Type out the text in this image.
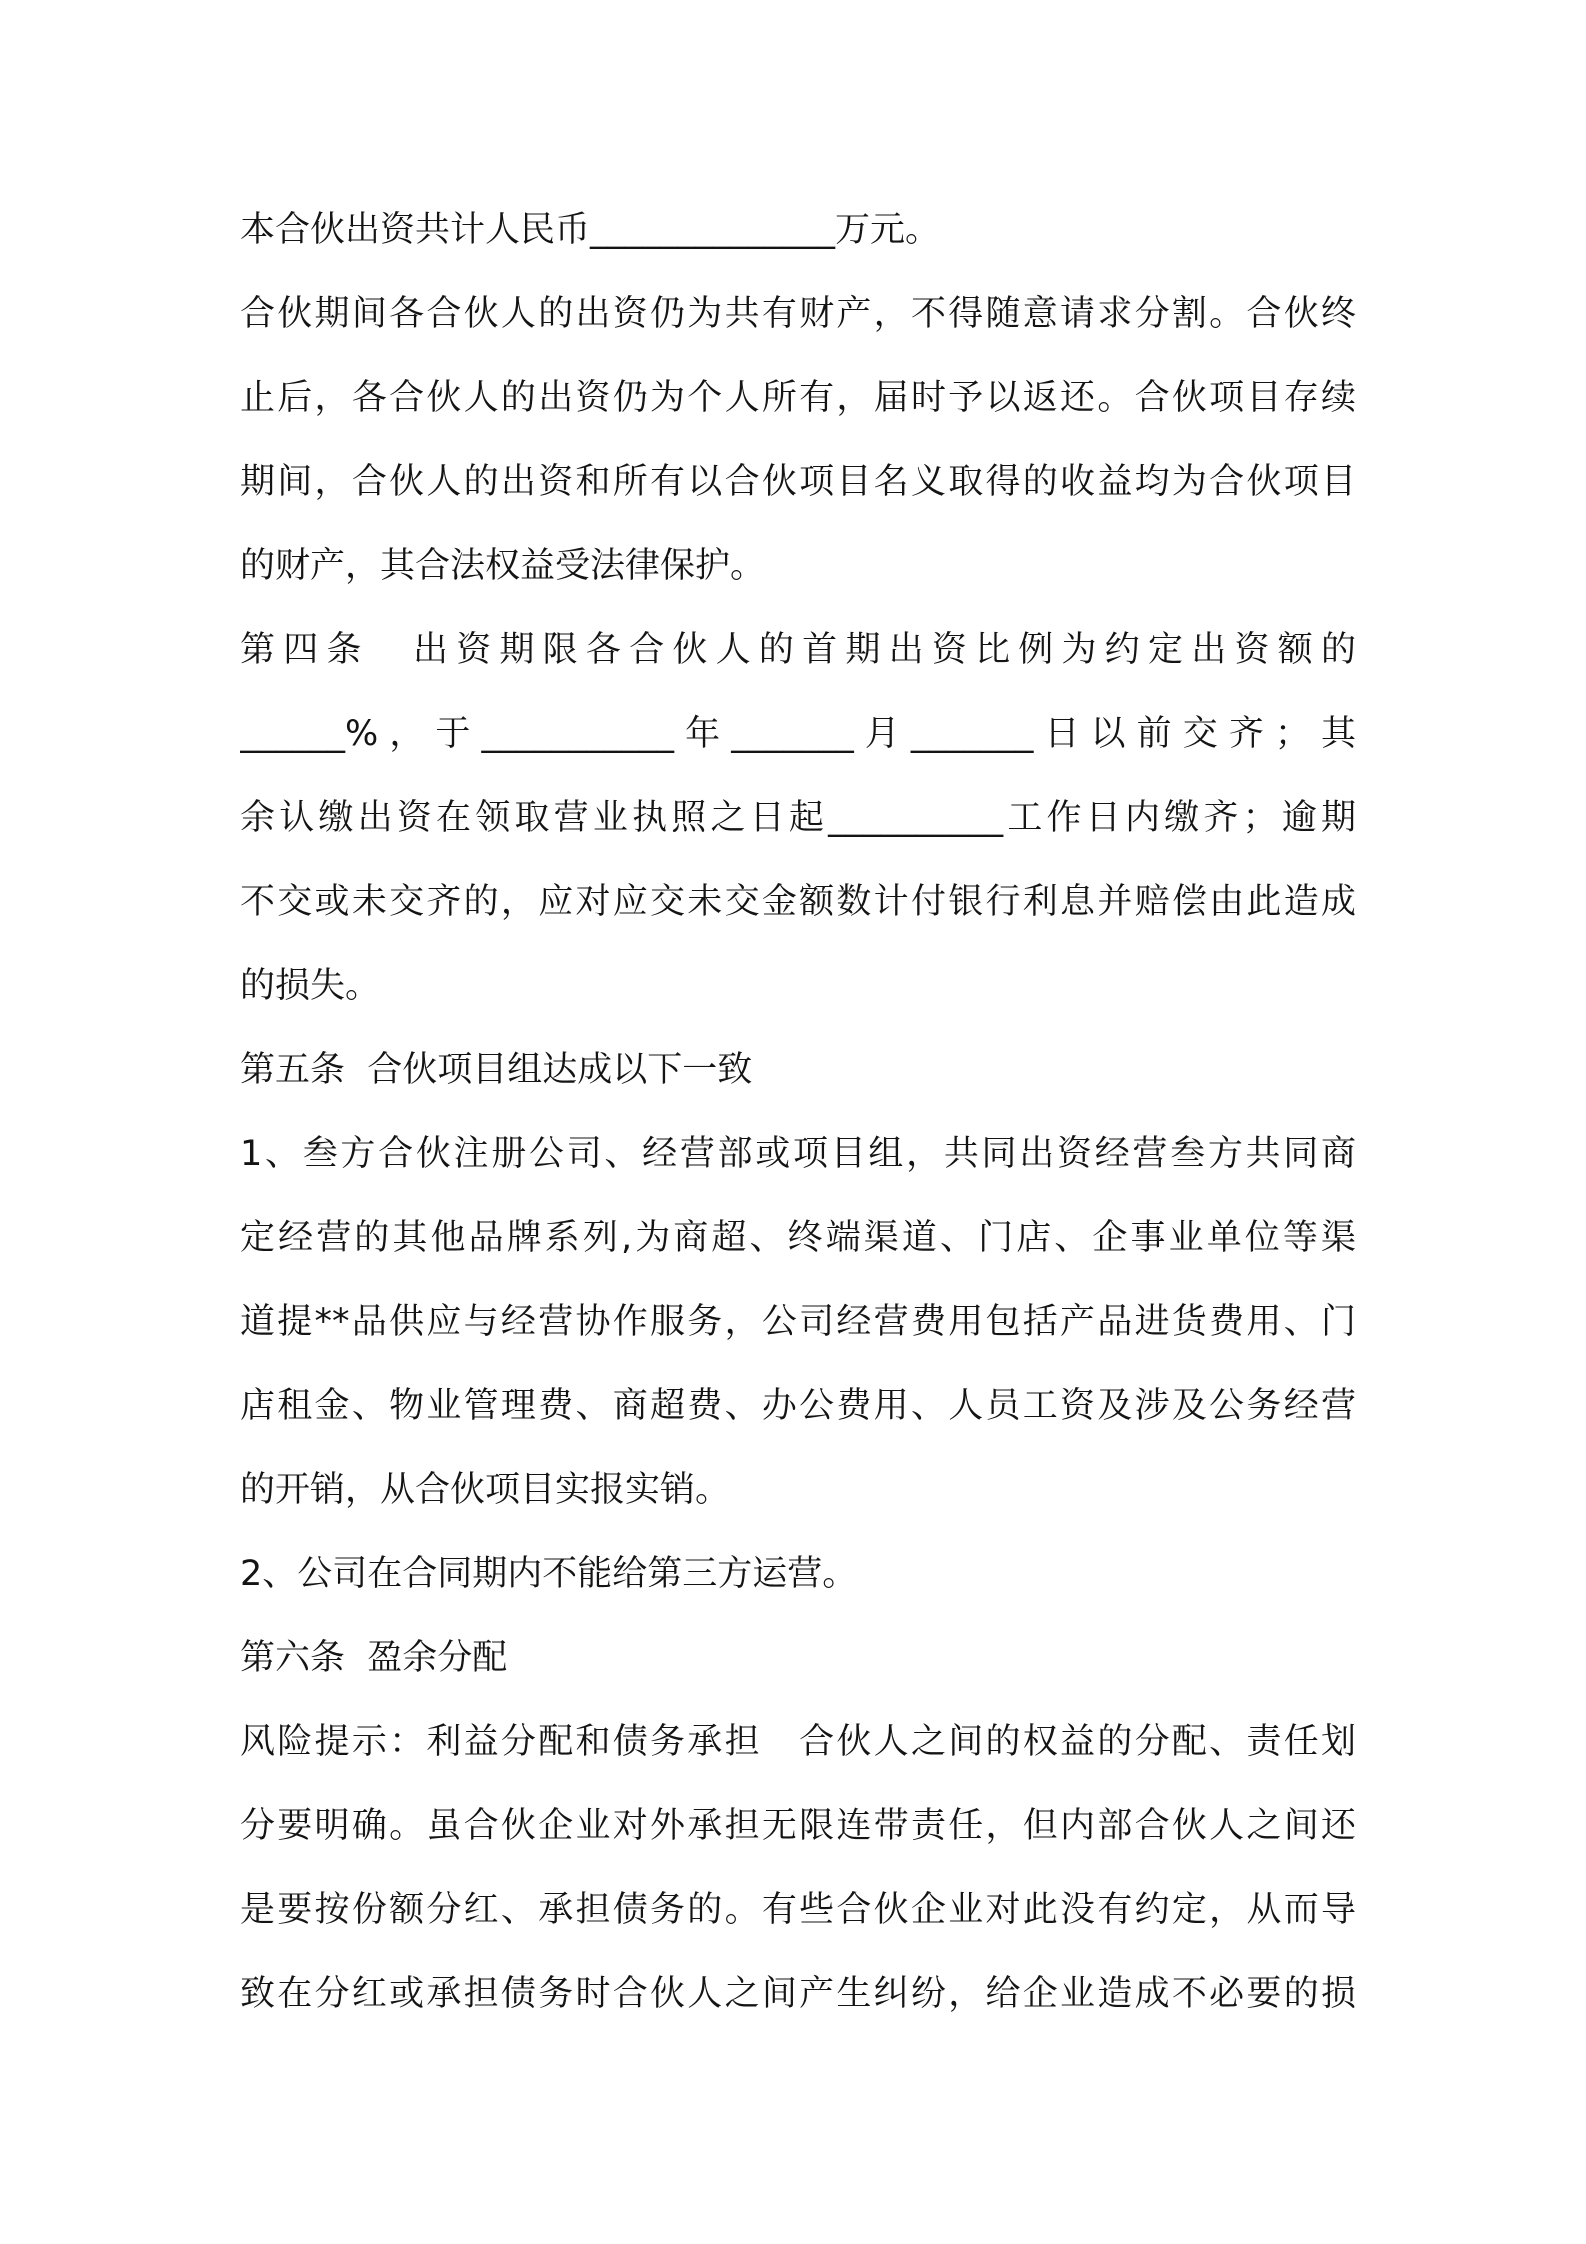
本合伙出资共计人民币______________万元。
合伙期间各合伙人的出资仍为共有财产，不得随意请求分割。合伙终
止后，各合伙人的出资仍为个人所有，届时予以返还。合伙项目存续
期间，合伙人的出资和所有以合伙项目名义取得的收益均为合伙项目
的财产，其合法权益受法律保护。
第四条　出资期限各合伙人的首期出资比例为约定出资额的
______%，于___________年_______月_______日以前交齐；其
余认缴出资在领取营业执照之日起__________工作日内缴齐；逾期
不交或未交齐的，应对应交未交金额数计付银行利息并赔偿由此造成
的损失。
第五条  合伙项目组达成以下一致
1、叁方合伙注册公司、经营部或项目组，共同出资经营叁方共同商
定经营的其他品牌系列,为商超、终端渠道、门店、企事业单位等渠
道提**品供应与经营协作服务，公司经营费用包括产品进货费用、门
店租金、物业管理费、商超费、办公费用、人员工资及涉及公务经营
的开销，从合伙项目实报实销。
2、公司在合同期内不能给第三方运营。
第六条  盈余分配
风险提示：利益分配和债务承担　合伙人之间的权益的分配、责任划
分要明确。虽合伙企业对外承担无限连带责任，但内部合伙人之间还
是要按份额分红、承担债务的。有些合伙企业对此没有约定，从而导
致在分红或承担债务时合伙人之间产生纠纷，给企业造成不必要的损
